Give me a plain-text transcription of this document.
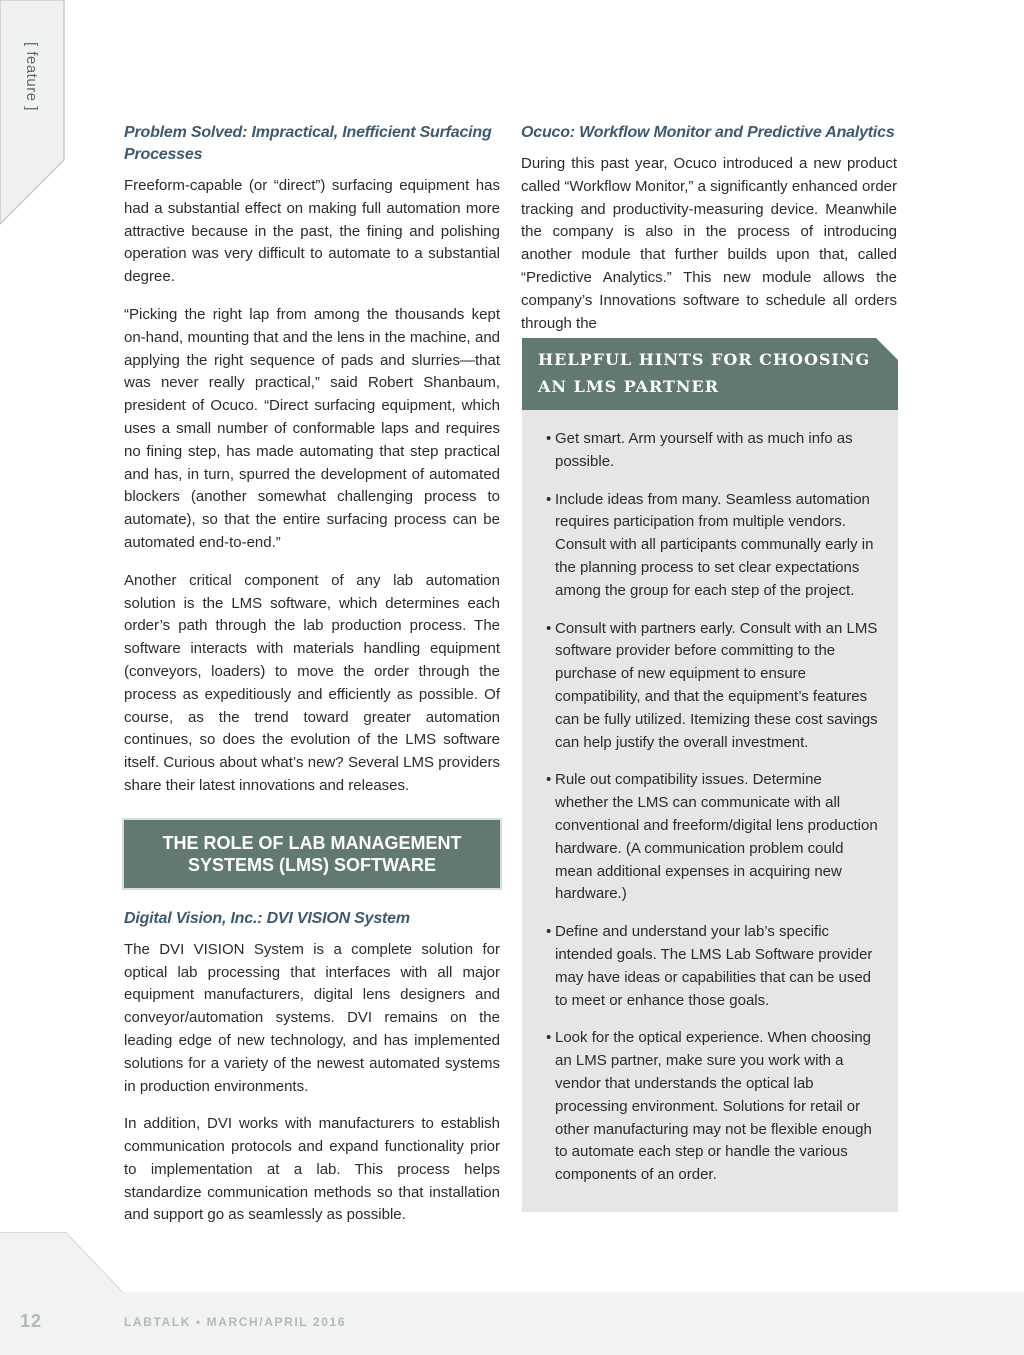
[ feature ]
Problem Solved: Impractical, Inefficient Surfacing Processes

Freeform-capable (or “direct”) surfacing equipment has had a substantial effect on making full automation more attractive because in the past, the fining and polishing operation was very difficult to automate to a substantial degree.

“Picking the right lap from among the thousands kept on-hand, mounting that and the lens in the machine, and applying the right sequence of pads and slurries—that was never really practical,” said Robert Shanbaum, president of Ocuco. “Direct surfacing equipment, which uses a small number of conformable laps and requires no fining step, has made automating that step practical and has, in turn, spurred the development of automated blockers (another somewhat challenging process to automate), so that the entire surfacing process can be automated end-to-end.”

Another critical component of any lab automation solution is the LMS software, which determines each order’s path through the lab production process. The software interacts with materials handling equipment (conveyors, loaders) to move the order through the process as expeditiously and efficiently as possible. Of course, as the trend toward greater automation continues, so does the evolution of the LMS software itself. Curious about what’s new? Several LMS providers share their latest innovations and releases.

THE ROLE OF LAB MANAGEMENT
SYSTEMS (LMS) SOFTWARE
Digital Vision, Inc.: DVI VISION System

The DVI VISION System is a complete solution for optical lab processing that interfaces with all major equipment manufacturers, digital lens designers and conveyor/automation systems. DVI remains on the leading edge of new technology, and has implemented solutions for a variety of the newest automated systems in production environments.

In addition, DVI works with manufacturers to establish communication protocols and expand functionality prior to implementation at a lab. This process helps standardize communication methods so that installation and support go as seamlessly as possible.

Ocuco: Workflow Monitor and Predictive Analytics

During this past year, Ocuco introduced a new product called “Workflow Monitor,” a significantly enhanced order tracking and productivity-measuring device. Meanwhile the company is also in the process of introducing another module that further builds upon that, called “Predictive Analytics.” This new module allows the company’s Innovations software to schedule all orders through the

HELPFUL HINTS FOR CHOOSING
AN LMS PARTNER
• Get smart. Arm yourself with as much info as possible.
• Include ideas from many. Seamless automation requires participation from multiple vendors. Consult with all participants communally early in the planning process to set clear expectations among the group for each step of the project.
• Consult with partners early. Consult with an LMS software provider before committing to the purchase of new equipment to ensure compatibility, and that the equipment’s features can be fully utilized. Itemizing these cost savings can help justify the overall investment.
• Rule out compatibility issues. Determine whether the LMS can communicate with all conventional and freeform/digital lens production hardware. (A communication problem could mean additional expenses in acquiring new hardware.)
• Define and understand your lab’s specific intended goals. The LMS Lab Software provider may have ideas or capabilities that can be used to meet or enhance those goals.
• Look for the optical experience. When choosing an LMS partner, make sure you work with a vendor that understands the optical lab processing environment. Solutions for retail or other manufacturing may not be flexible enough to automate each step or handle the various components of an order.
12	LABTALK • MARCH/APRIL 2016
